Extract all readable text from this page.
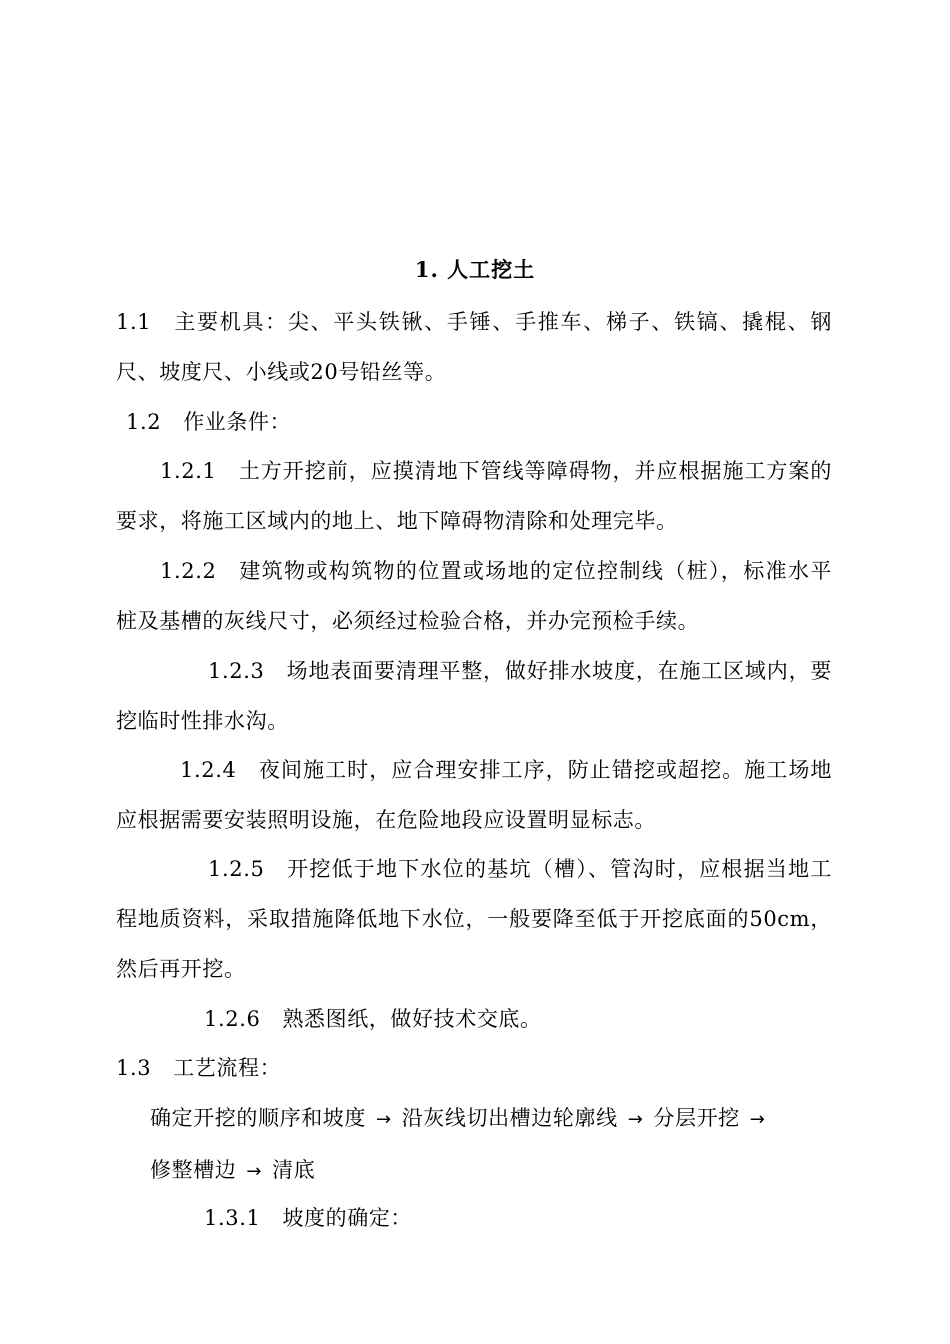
1. 人工挖土
1.1 主要机具：尖、平头铁锹、手锤、手推车、梯子、铁镐、撬棍、钢尺、坡度尺、小线或20号铅丝等。
1.2 作业条件：
1.2.1 土方开挖前，应摸清地下管线等障碍物，并应根据施工方案的要求，将施工区域内的地上、地下障碍物清除和处理完毕。
1.2.2 建筑物或构筑物的位置或场地的定位控制线（桩），标准水平桩及基槽的灰线尺寸，必须经过检验合格，并办完预检手续。
1.2.3 场地表面要清理平整，做好排水坡度，在施工区域内，要挖临时性排水沟。
1.2.4 夜间施工时，应合理安排工序，防止错挖或超挖。施工场地应根据需要安装照明设施，在危险地段应设置明显标志。
1.2.5 开挖低于地下水位的基坑（槽）、管沟时，应根据当地工程地质资料，采取措施降低地下水位，一般要降至低于开挖底面的50cm，然后再开挖。
1.2.6 熟悉图纸，做好技术交底。
1.3 工艺流程：
确定开挖的顺序和坡度 → 沿灰线切出槽边轮廓线 → 分层开挖 →
修整槽边 → 清底
1.3.1 坡度的确定：
